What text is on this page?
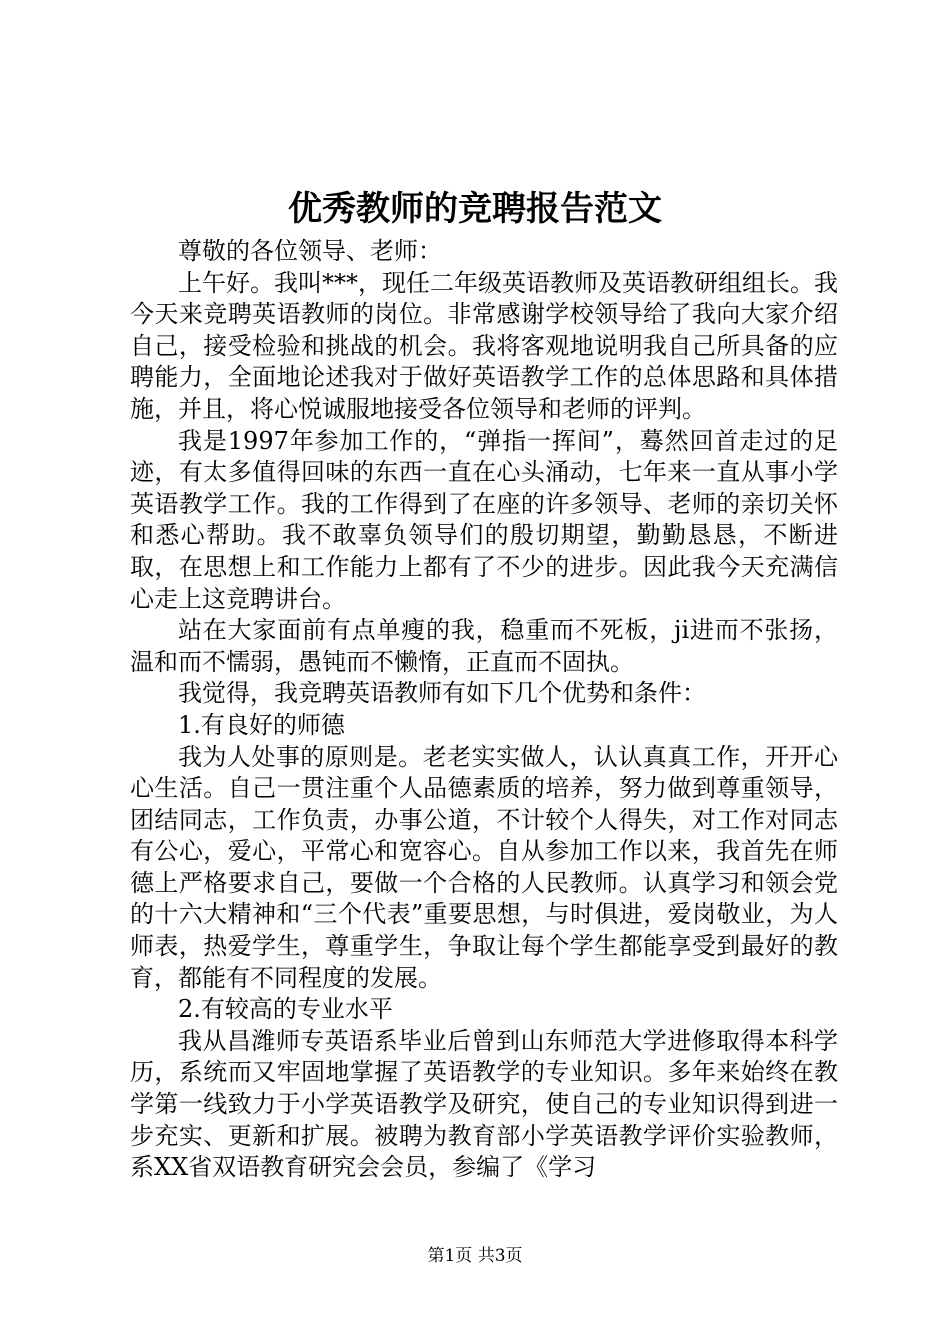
优秀教师的竞聘报告范文

尊敬的各位领导、老师：

上午好。我叫***，现任二年级英语教师及英语教研组组长。我今天来竞聘英语教师的岗位。非常感谢学校领导给了我向大家介绍自己，接受检验和挑战的机会。我将客观地说明我自己所具备的应聘能力，全面地论述我对于做好英语教学工作的总体思路和具体措施，并且，将心悦诚服地接受各位领导和老师的评判。

我是1997年参加工作的，“弹指一挥间”，蓦然回首走过的足迹，有太多值得回味的东西一直在心头涌动，七年来一直从事小学英语教学工作。我的工作得到了在座的许多领导、老师的亲切关怀和悉心帮助。我不敢辜负领导们的殷切期望，勤勤恳恳，不断进取，在思想上和工作能力上都有了不少的进步。因此我今天充满信心走上这竞聘讲台。

站在大家面前有点单瘦的我，稳重而不死板，ji进而不张扬，温和而不懦弱，愚钝而不懒惰，正直而不固执。

我觉得，我竞聘英语教师有如下几个优势和条件：

1.有良好的师德

我为人处事的原则是。老老实实做人，认认真真工作，开开心心生活。自己一贯注重个人品德素质的培养，努力做到尊重领导，团结同志，工作负责，办事公道，不计较个人得失，对工作对同志有公心，爱心，平常心和宽容心。自从参加工作以来，我首先在师德上严格要求自己，要做一个合格的人民教师。认真学习和领会党的十六大精神和“三个代表”重要思想，与时俱进，爱岗敬业，为人师表，热爱学生，尊重学生，争取让每个学生都能享受到最好的教育，都能有不同程度的发展。

2.有较高的专业水平

我从昌潍师专英语系毕业后曾到山东师范大学进修取得本科学历，系统而又牢固地掌握了英语教学的专业知识。多年来始终在教学第一线致力于小学英语教学及研究，使自己的专业知识得到进一步充实、更新和扩展。被聘为教育部小学英语教学评价实验教师，系XX省双语教育研究会会员，参编了《学习

第1页 共3页
